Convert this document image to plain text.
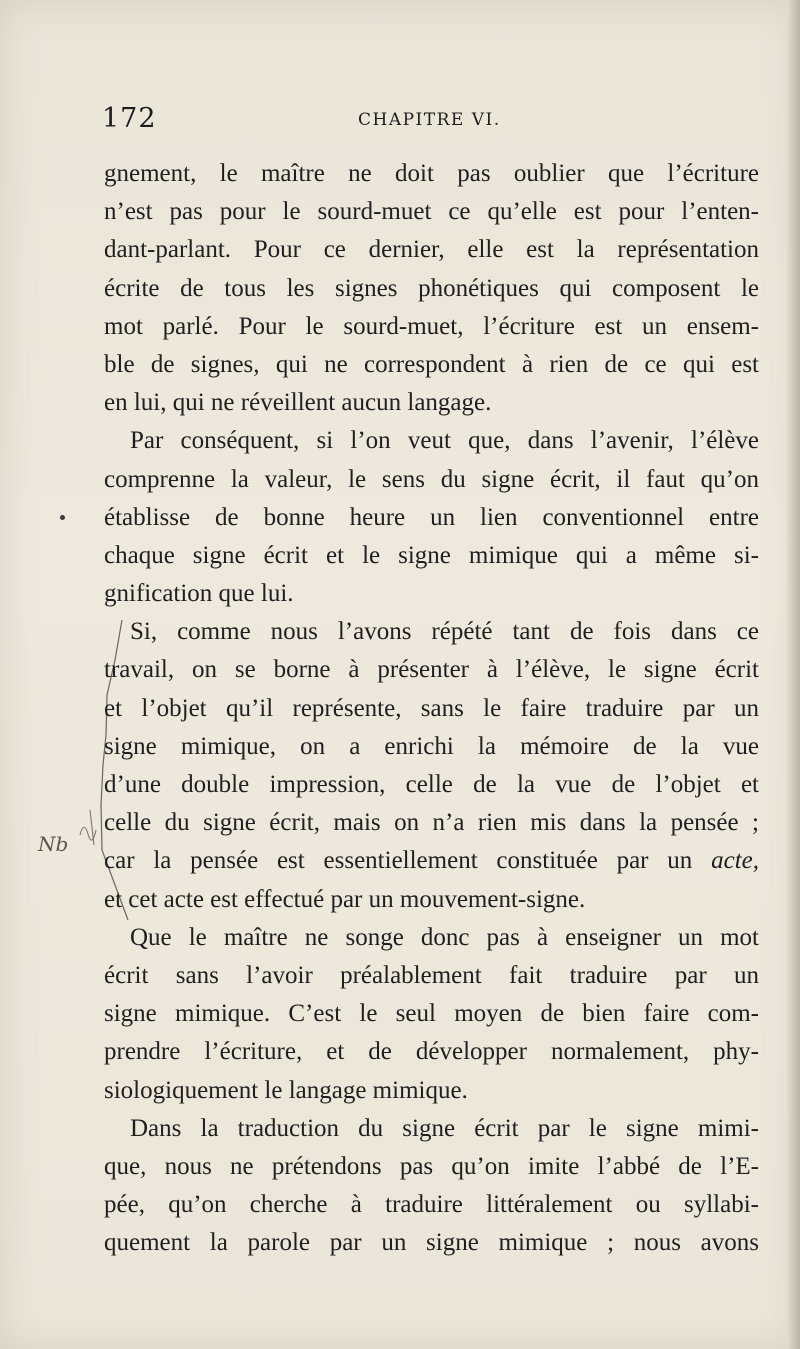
172	CHAPITRE VI.
Nb
gnement, le maître ne doit pas oublier que l’écriture
n’est pas pour le sourd-muet ce qu’elle est pour l’enten-
dant-parlant. Pour ce dernier, elle est la représentation
écrite de tous les signes phonétiques qui composent le
mot parlé. Pour le sourd-muet, l’écriture est un ensem-
ble de signes, qui ne correspondent à rien de ce qui est
en lui, qui ne réveillent aucun langage.
Par conséquent, si l’on veut que, dans l’avenir, l’élève
comprenne la valeur, le sens du signe écrit, il faut qu’on
établisse de bonne heure un lien conventionnel entre
chaque signe écrit et le signe mimique qui a même si-
gnification que lui.
Si, comme nous l’avons répété tant de fois dans ce
travail, on se borne à présenter à l’élève, le signe écrit
et l’objet qu’il représente, sans le faire traduire par un
signe mimique, on a enrichi la mémoire de la vue
d’une double impression, celle de la vue de l’objet et
celle du signe écrit, mais on n’a rien mis dans la pensée ;
car la pensée est essentiellement constituée par un acte,
et cet acte est effectué par un mouvement-signe.
Que le maître ne songe donc pas à enseigner un mot
écrit sans l’avoir préalablement fait traduire par un
signe mimique. C’est le seul moyen de bien faire com-
prendre l’écriture, et de développer normalement, phy-
siologiquement le langage mimique.
Dans la traduction du signe écrit par le signe mimi-
que, nous ne prétendons pas qu’on imite l’abbé de l’E-
pée, qu’on cherche à traduire littéralement ou syllabi-
quement la parole par un signe mimique ; nous avons
